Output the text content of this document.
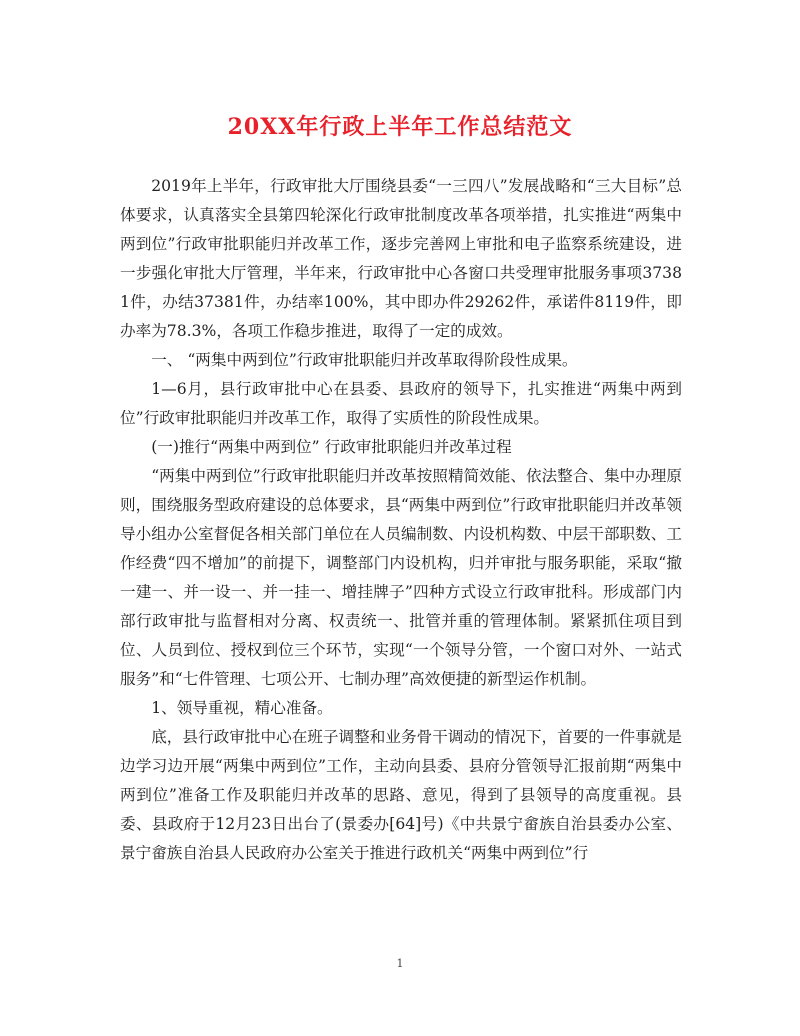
20XX年行政上半年工作总结范文

2019年上半年，行政审批大厅围绕县委“一三四八”发展战略和“三大目标”总体要求，认真落实全县第四轮深化行政审批制度改革各项举措，扎实推进“两集中两到位”行政审批职能归并改革工作，逐步完善网上审批和电子监察系统建设，进一步强化审批大厅管理，半年来，行政审批中心各窗口共受理审批服务事项37381件，办结37381件，办结率100%，其中即办件29262件，承诺件8119件，即办率为78.3%，各项工作稳步推进，取得了一定的成效。

一、 “两集中两到位”行政审批职能归并改革取得阶段性成果。

1—6月，县行政审批中心在县委、县政府的领导下，扎实推进“两集中两到位”行政审批职能归并改革工作，取得了实质性的阶段性成果。

(一)推行“两集中两到位” 行政审批职能归并改革过程

“两集中两到位”行政审批职能归并改革按照精简效能、依法整合、集中办理原则，围绕服务型政府建设的总体要求，县“两集中两到位”行政审批职能归并改革领导小组办公室督促各相关部门单位在人员编制数、内设机构数、中层干部职数、工作经费“四不增加”的前提下，调整部门内设机构，归并审批与服务职能，采取“撤一建一、并一设一、并一挂一、增挂牌子”四种方式设立行政审批科。形成部门内部行政审批与监督相对分离、权责统一、批管并重的管理体制。紧紧抓住项目到位、人员到位、授权到位三个环节，实现“一个领导分管，一个窗口对外、一站式服务”和“七件管理、七项公开、七制办理”高效便捷的新型运作机制。

1、领导重视，精心准备。

底，县行政审批中心在班子调整和业务骨干调动的情况下，首要的一件事就是边学习边开展“两集中两到位”工作，主动向县委、县府分管领导汇报前期“两集中两到位”准备工作及职能归并改革的思路、意见，得到了县领导的高度重视。县委、县政府于12月23日出台了(景委办[64]号)《中共景宁畲族自治县委办公室、景宁畲族自治县人民政府办公室关于推进行政机关“两集中两到位”行

1
